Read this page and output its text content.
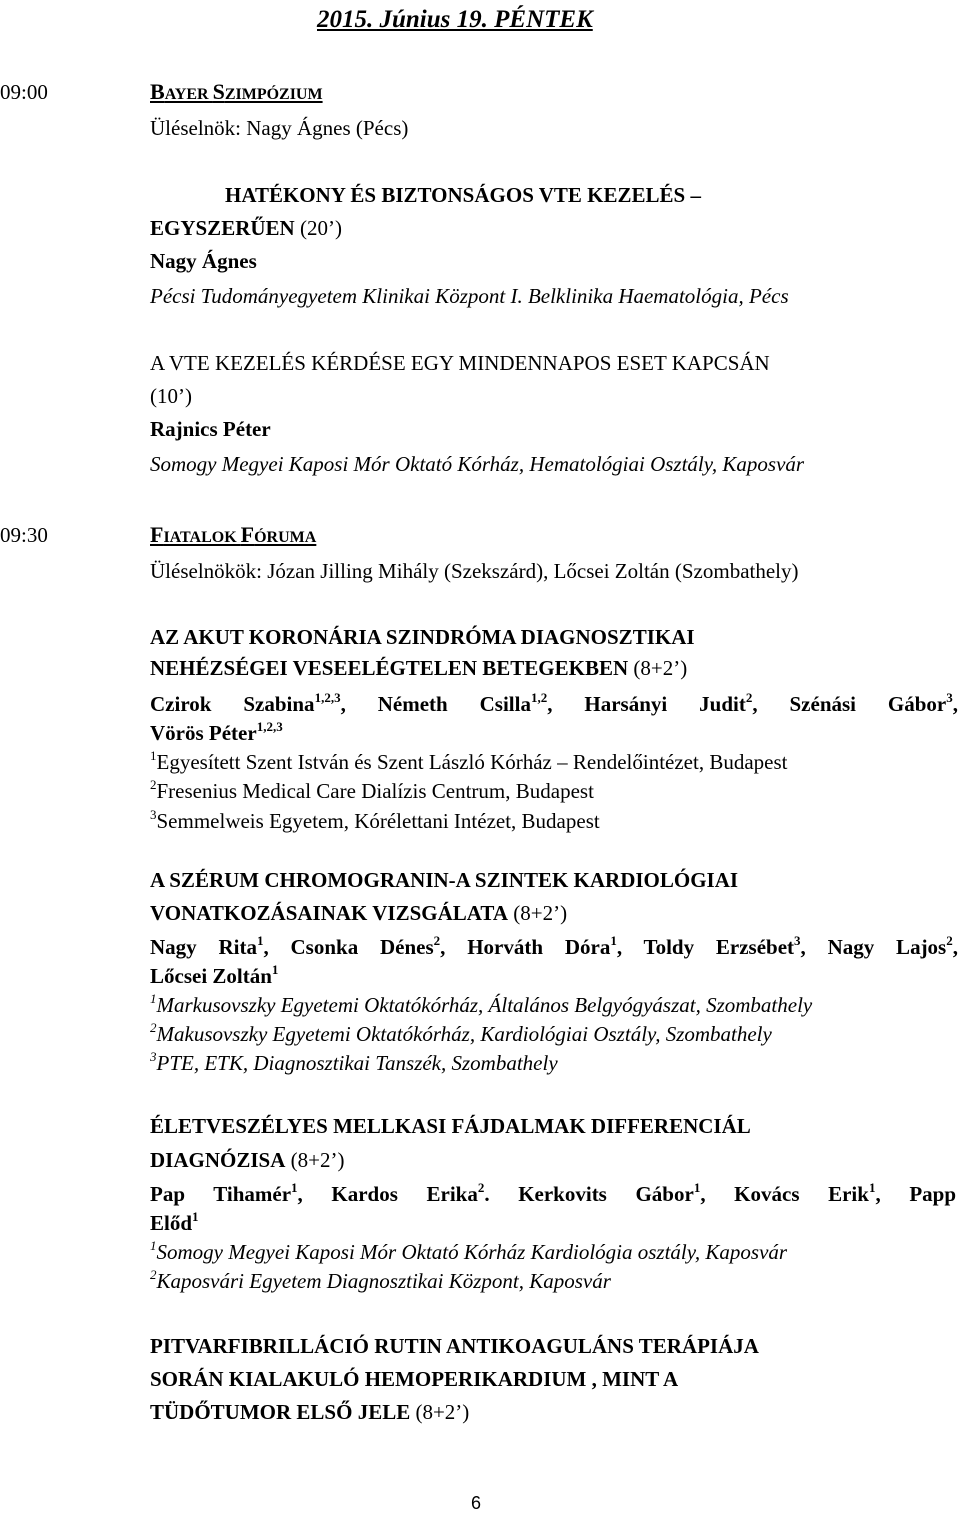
2015. Június 19. PÉNTEK
09:00	BAYER SZIMPÓZIUM
Üléselnök: Nagy Ágnes (Pécs)
HATÉKONY ÉS BIZTONSÁGOS VTE KEZELÉS –
EGYSZERŰEN (20’)
Nagy Ágnes
Pécsi Tudományegyetem Klinikai Központ I. Belklinika Haematológia, Pécs
A VTE KEZELÉS KÉRDÉSE EGY MINDENNAPOS ESET KAPCSÁN
(10’)
Rajnics Péter
Somogy Megyei Kaposi Mór Oktató Kórház, Hematológiai Osztály, Kaposvár
09:30	FIATALOK FÓRUMA
Üléselnökök: Józan Jilling Mihály (Szekszárd), Lőcsei Zoltán (Szombathely)
AZ AKUT KORONÁRIA SZINDRÓMA DIAGNOSZTIKAI
NEHÉZSÉGEI VESEELÉGTELEN BETEGEKBEN (8+2’)
Czirok Szabina$^{1,2,3}$, Németh Csilla$^{1,2}$, Harsányi Judit$^2$, Szénási Gábor$^3$,
Vörös Péter$^{1,2,3}$
$^1$Egyesített Szent István és Szent László Kórház – Rendelőintézet, Budapest
$^2$Fresenius Medical Care Dialízis Centrum, Budapest
$^3$Semmelweis Egyetem, Kórélettani Intézet, Budapest
A SZÉRUM CHROMOGRANIN-A SZINTEK KARDIOLÓGIAI
VONATKOZÁSAINAK VIZSGÁLATA (8+2’)
Nagy Rita$^1$, Csonka Dénes$^2$, Horváth Dóra$^1$, Toldy Erzsébet$^3$, Nagy Lajos$^2$,
Lőcsei Zoltán$^1$
$^1$Markusovszky Egyetemi Oktatókórház, Általános Belgyógyászat, Szombathely
$^2$Makusovszky Egyetemi Oktatókórház, Kardiológiai Osztály, Szombathely
$^3$PTE, ETK, Diagnosztikai Tanszék, Szombathely
ÉLETVESZÉLYES MELLKASI FÁJDALMAK DIFFERENCIÁL
DIAGNÓZISA (8+2’)
Pap Tihamér$^1$, Kardos Erika$^2$. Kerkovits Gábor$^1$, Kovács Erik$^1$, Papp
Előd$^1$
$^1$Somogy Megyei Kaposi Mór Oktató Kórház Kardiológia osztály, Kaposvár
$^2$Kaposvári Egyetem Diagnosztikai Központ, Kaposvár
PITVARFIBRILLÁCIÓ RUTIN ANTIKOAGULÁNS TERÁPIÁJA
SORÁN KIALAKULÓ HEMOPERIKARDIUM , MINT A
TÜDŐTUMOR ELSŐ JELE (8+2’)
6
